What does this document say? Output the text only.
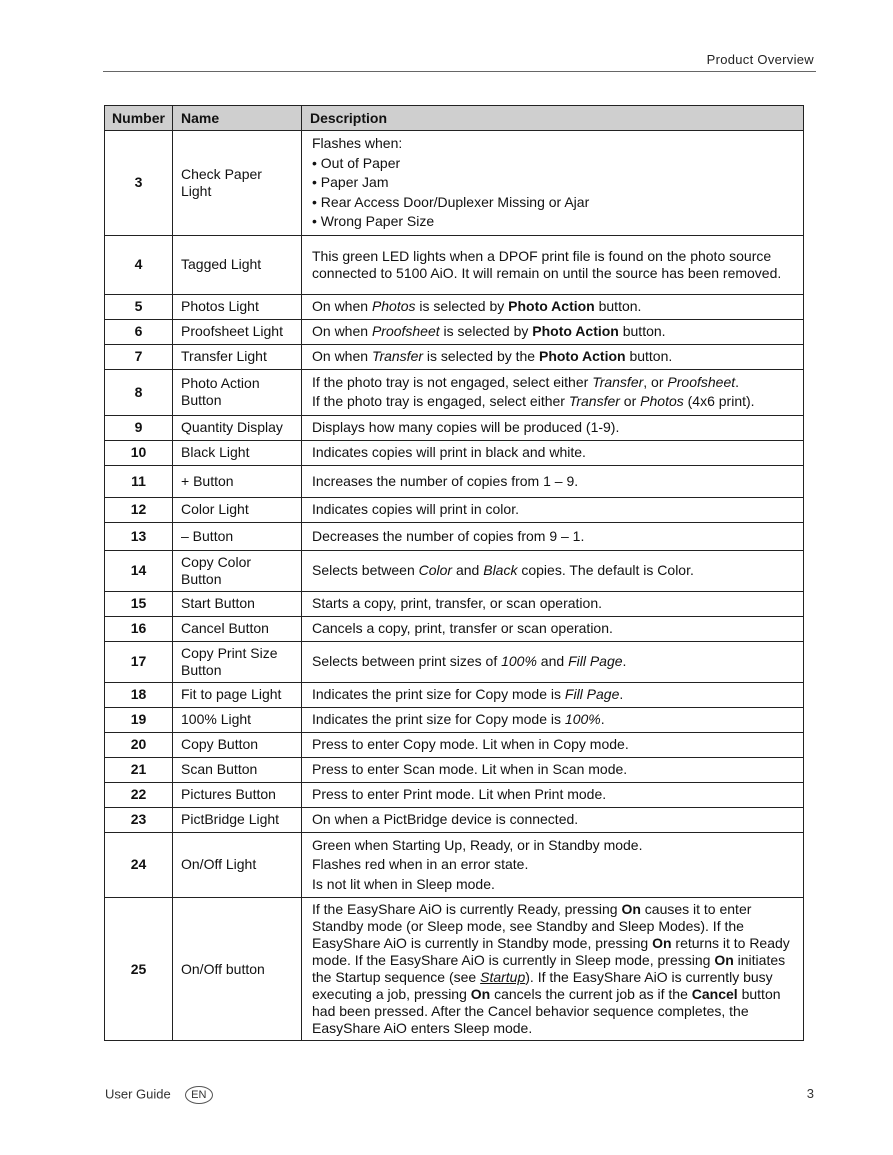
Product Overview
Number	Name	Description
3	Check Paper Light	Flashes when:
• Out of Paper
• Paper Jam
• Rear Access Door/Duplexer Missing or Ajar
• Wrong Paper Size

4	Tagged Light	This green LED lights when a DPOF print file is found on the photo source connected to 5100 AiO. It will remain on until the source has been removed.

5	Photos Light	On when Photos is selected by Photo Action button.

6	Proofsheet Light	On when Proofsheet is selected by Photo Action button.

7	Transfer Light	On when Transfer is selected by the Photo Action button.

8	Photo Action Button	If the photo tray is not engaged, select either Transfer, or Proofsheet.
If the photo tray is engaged, select either Transfer or Photos (4x6 print).

9	Quantity Display	Displays how many copies will be produced (1-9).

10	Black Light	Indicates copies will print in black and white.

11	+ Button	Increases the number of copies from 1 – 9.

12	Color Light	Indicates copies will print in color.

13	– Button	Decreases the number of copies from 9 – 1.

14	Copy Color Button	Selects between Color and Black copies. The default is Color.

15	Start Button	Starts a copy, print, transfer, or scan operation.

16	Cancel Button	Cancels a copy, print, transfer or scan operation.

17	Copy Print Size Button	Selects between print sizes of 100% and Fill Page.

18	Fit to page Light	Indicates the print size for Copy mode is Fill Page.

19	100% Light	Indicates the print size for Copy mode is 100%.

20	Copy Button	Press to enter Copy mode. Lit when in Copy mode.

21	Scan Button	Press to enter Scan mode. Lit when in Scan mode.

22	Pictures Button	Press to enter Print mode. Lit when Print mode.

23	PictBridge Light	On when a PictBridge device is connected.

24	On/Off Light	Green when Starting Up, Ready, or in Standby mode.
Flashes red when in an error state.
Is not lit when in Sleep mode.

25	On/Off button	If the EasyShare AiO is currently Ready, pressing On causes it to enter Standby mode (or Sleep mode, see Standby and Sleep Modes). If the EasyShare AiO is currently in Standby mode, pressing On returns it to Ready mode. If the EasyShare AiO is currently in Sleep mode, pressing On initiates the Startup sequence (see Startup). If the EasyShare AiO is currently busy executing a job, pressing On cancels the current job as if the Cancel button had been pressed. After the Cancel behavior sequence completes, the EasyShare AiO enters Sleep mode.
User Guide EN	3
